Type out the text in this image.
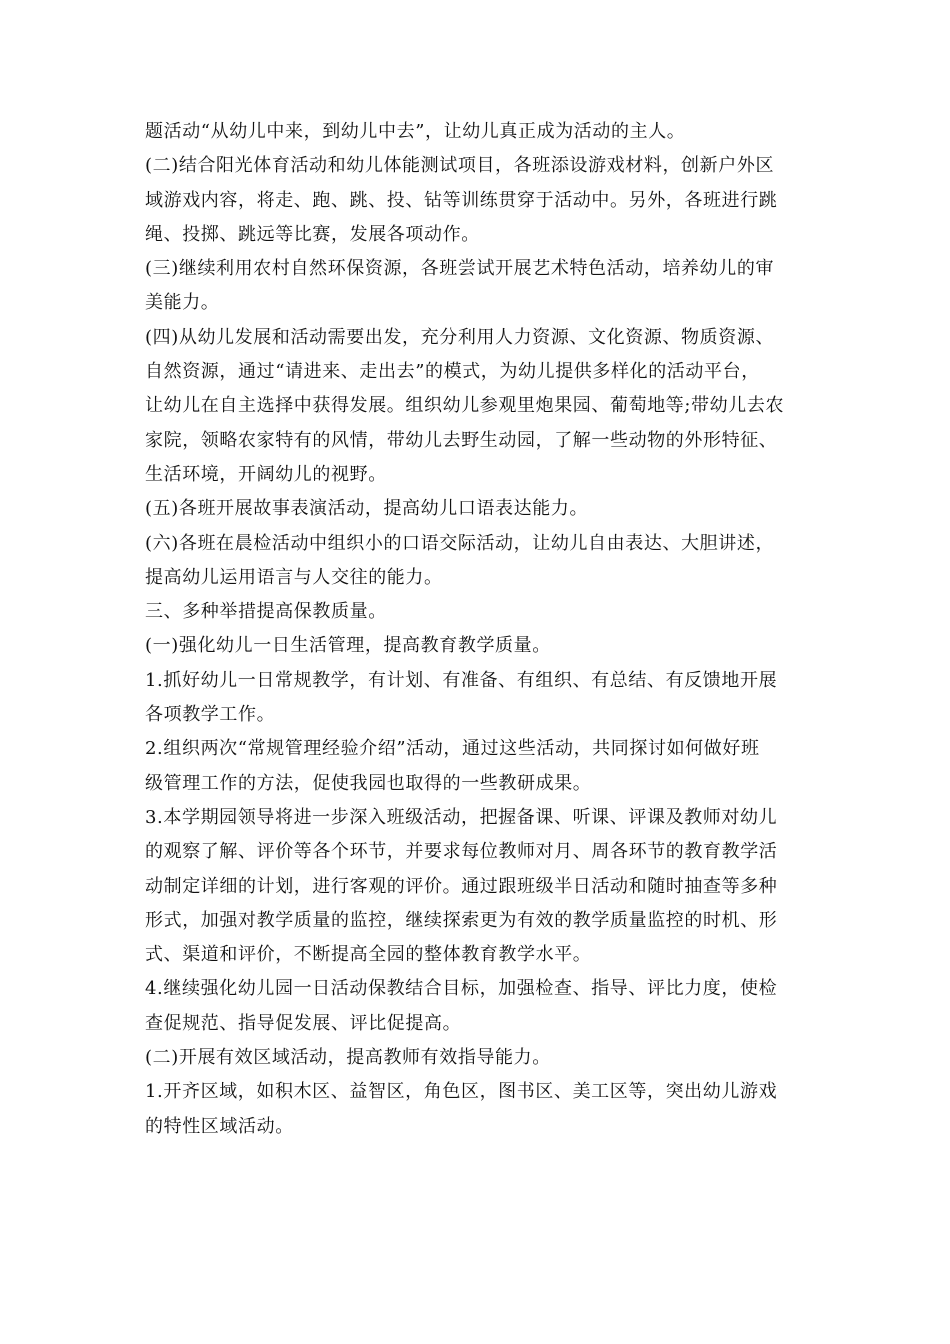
题活动“从幼儿中来，到幼儿中去”，让幼儿真正成为活动的主人。
(二)结合阳光体育活动和幼儿体能测试项目，各班添设游戏材料，创新户外区
域游戏内容，将走、跑、跳、投、钻等训练贯穿于活动中。另外，各班进行跳
绳、投掷、跳远等比赛，发展各项动作。
(三)继续利用农村自然环保资源，各班尝试开展艺术特色活动，培养幼儿的审
美能力。
(四)从幼儿发展和活动需要出发，充分利用人力资源、文化资源、物质资源、
自然资源，通过“请进来、走出去”的模式，为幼儿提供多样化的活动平台，
让幼儿在自主选择中获得发展。组织幼儿参观里炮果园、葡萄地等;带幼儿去农
家院，领略农家特有的风情，带幼儿去野生动园，了解一些动物的外形特征、
生活环境，开阔幼儿的视野。
(五)各班开展故事表演活动，提高幼儿口语表达能力。
(六)各班在晨检活动中组织小的口语交际活动，让幼儿自由表达、大胆讲述，
提高幼儿运用语言与人交往的能力。
三、多种举措提高保教质量。
(一)强化幼儿一日生活管理，提高教育教学质量。
1.抓好幼儿一日常规教学，有计划、有准备、有组织、有总结、有反馈地开展
各项教学工作。
2.组织两次“常规管理经验介绍”活动，通过这些活动，共同探讨如何做好班
级管理工作的方法，促使我园也取得的一些教研成果。
3.本学期园领导将进一步深入班级活动，把握备课、听课、评课及教师对幼儿
的观察了解、评价等各个环节，并要求每位教师对月、周各环节的教育教学活
动制定详细的计划，进行客观的评价。通过跟班级半日活动和随时抽查等多种
形式，加强对教学质量的监控，继续探索更为有效的教学质量监控的时机、形
式、渠道和评价，不断提高全园的整体教育教学水平。
4.继续强化幼儿园一日活动保教结合目标，加强检查、指导、评比力度，使检
查促规范、指导促发展、评比促提高。
(二)开展有效区域活动，提高教师有效指导能力。
1.开齐区域，如积木区、益智区，角色区，图书区、美工区等，突出幼儿游戏
的特性区域活动。
